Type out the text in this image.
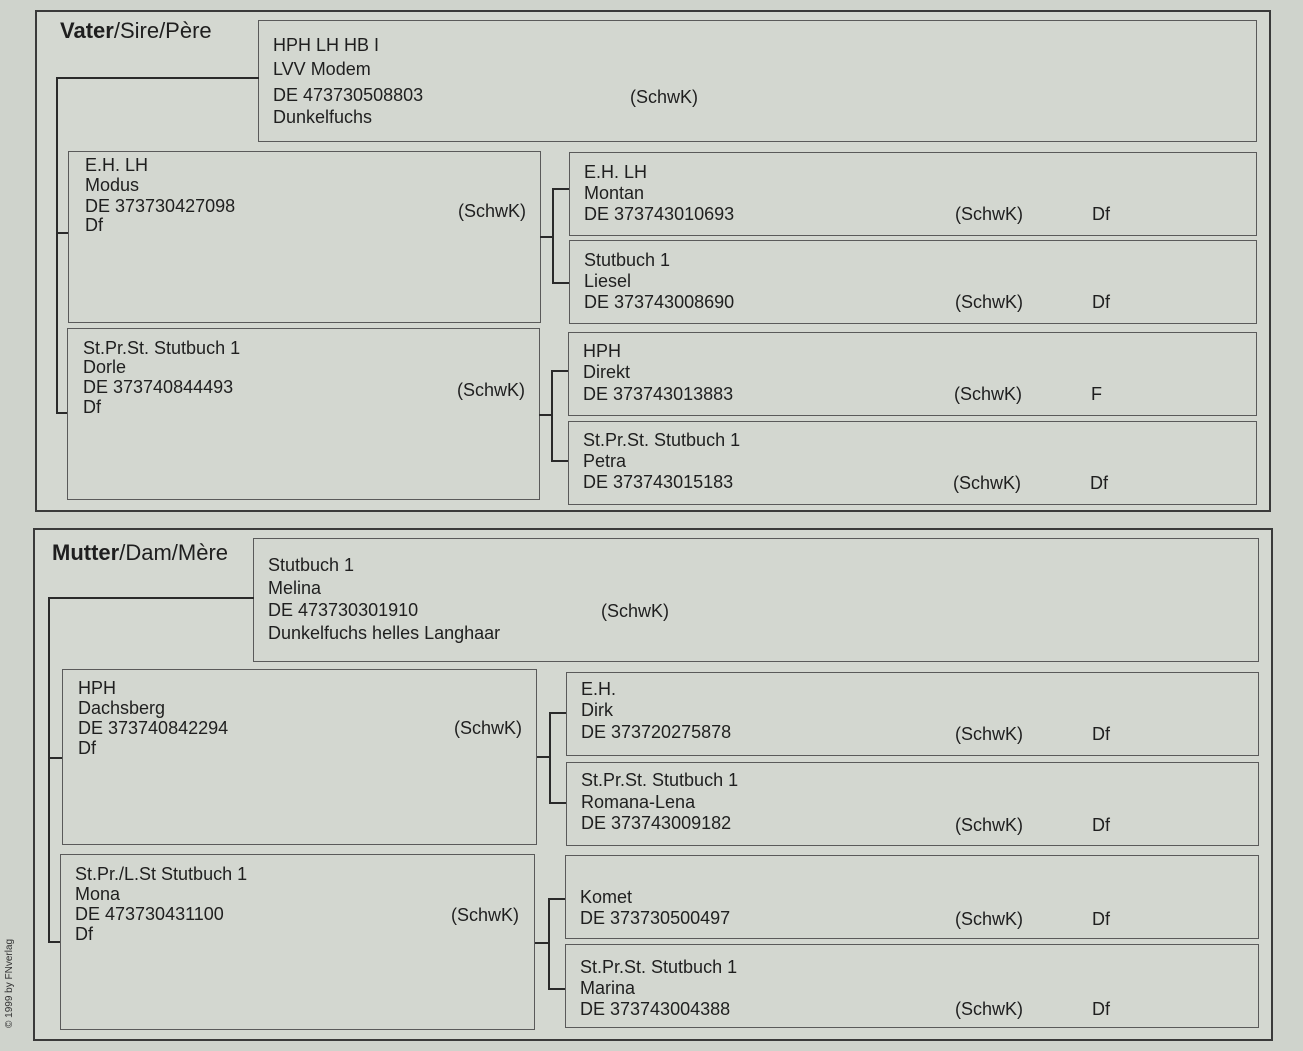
Vater/Sire/Père
HPH LH HB I
LVV Modem
DE 473730508803	(SchwK)
Dunkelfuchs
E.H. LH
Modus
DE 373730427098
Df
(SchwK)
St.Pr.St. Stutbuch 1
Dorle
DE 373740844493
Df
(SchwK)
E.H. LH
Montan
DE 373743010693	(SchwK)	Df
Stutbuch 1
Liesel
DE 373743008690	(SchwK)	Df
HPH
Direkt
DE 373743013883	(SchwK)	F
St.Pr.St. Stutbuch 1
Petra
DE 373743015183	(SchwK)	Df
Mutter/Dam/Mère Stutbuch 1
Melina
DE 473730301910	(SchwK)
Dunkelfuchs helles Langhaar
HPH
Dachsberg
DE 373740842294
Df
(SchwK)
St.Pr./L.St Stutbuch 1
Mona
DE 473730431100
Df
(SchwK)
E.H.
Dirk
DE 373720275878	(SchwK)	Df
St.Pr.St. Stutbuch 1
Romana-Lena
DE 373743009182	(SchwK)	Df
Komet
DE 373730500497	(SchwK)	Df
St.Pr.St. Stutbuch 1
Marina
DE 373743004388	(SchwK)	Df
© 1999 by FNverlag
